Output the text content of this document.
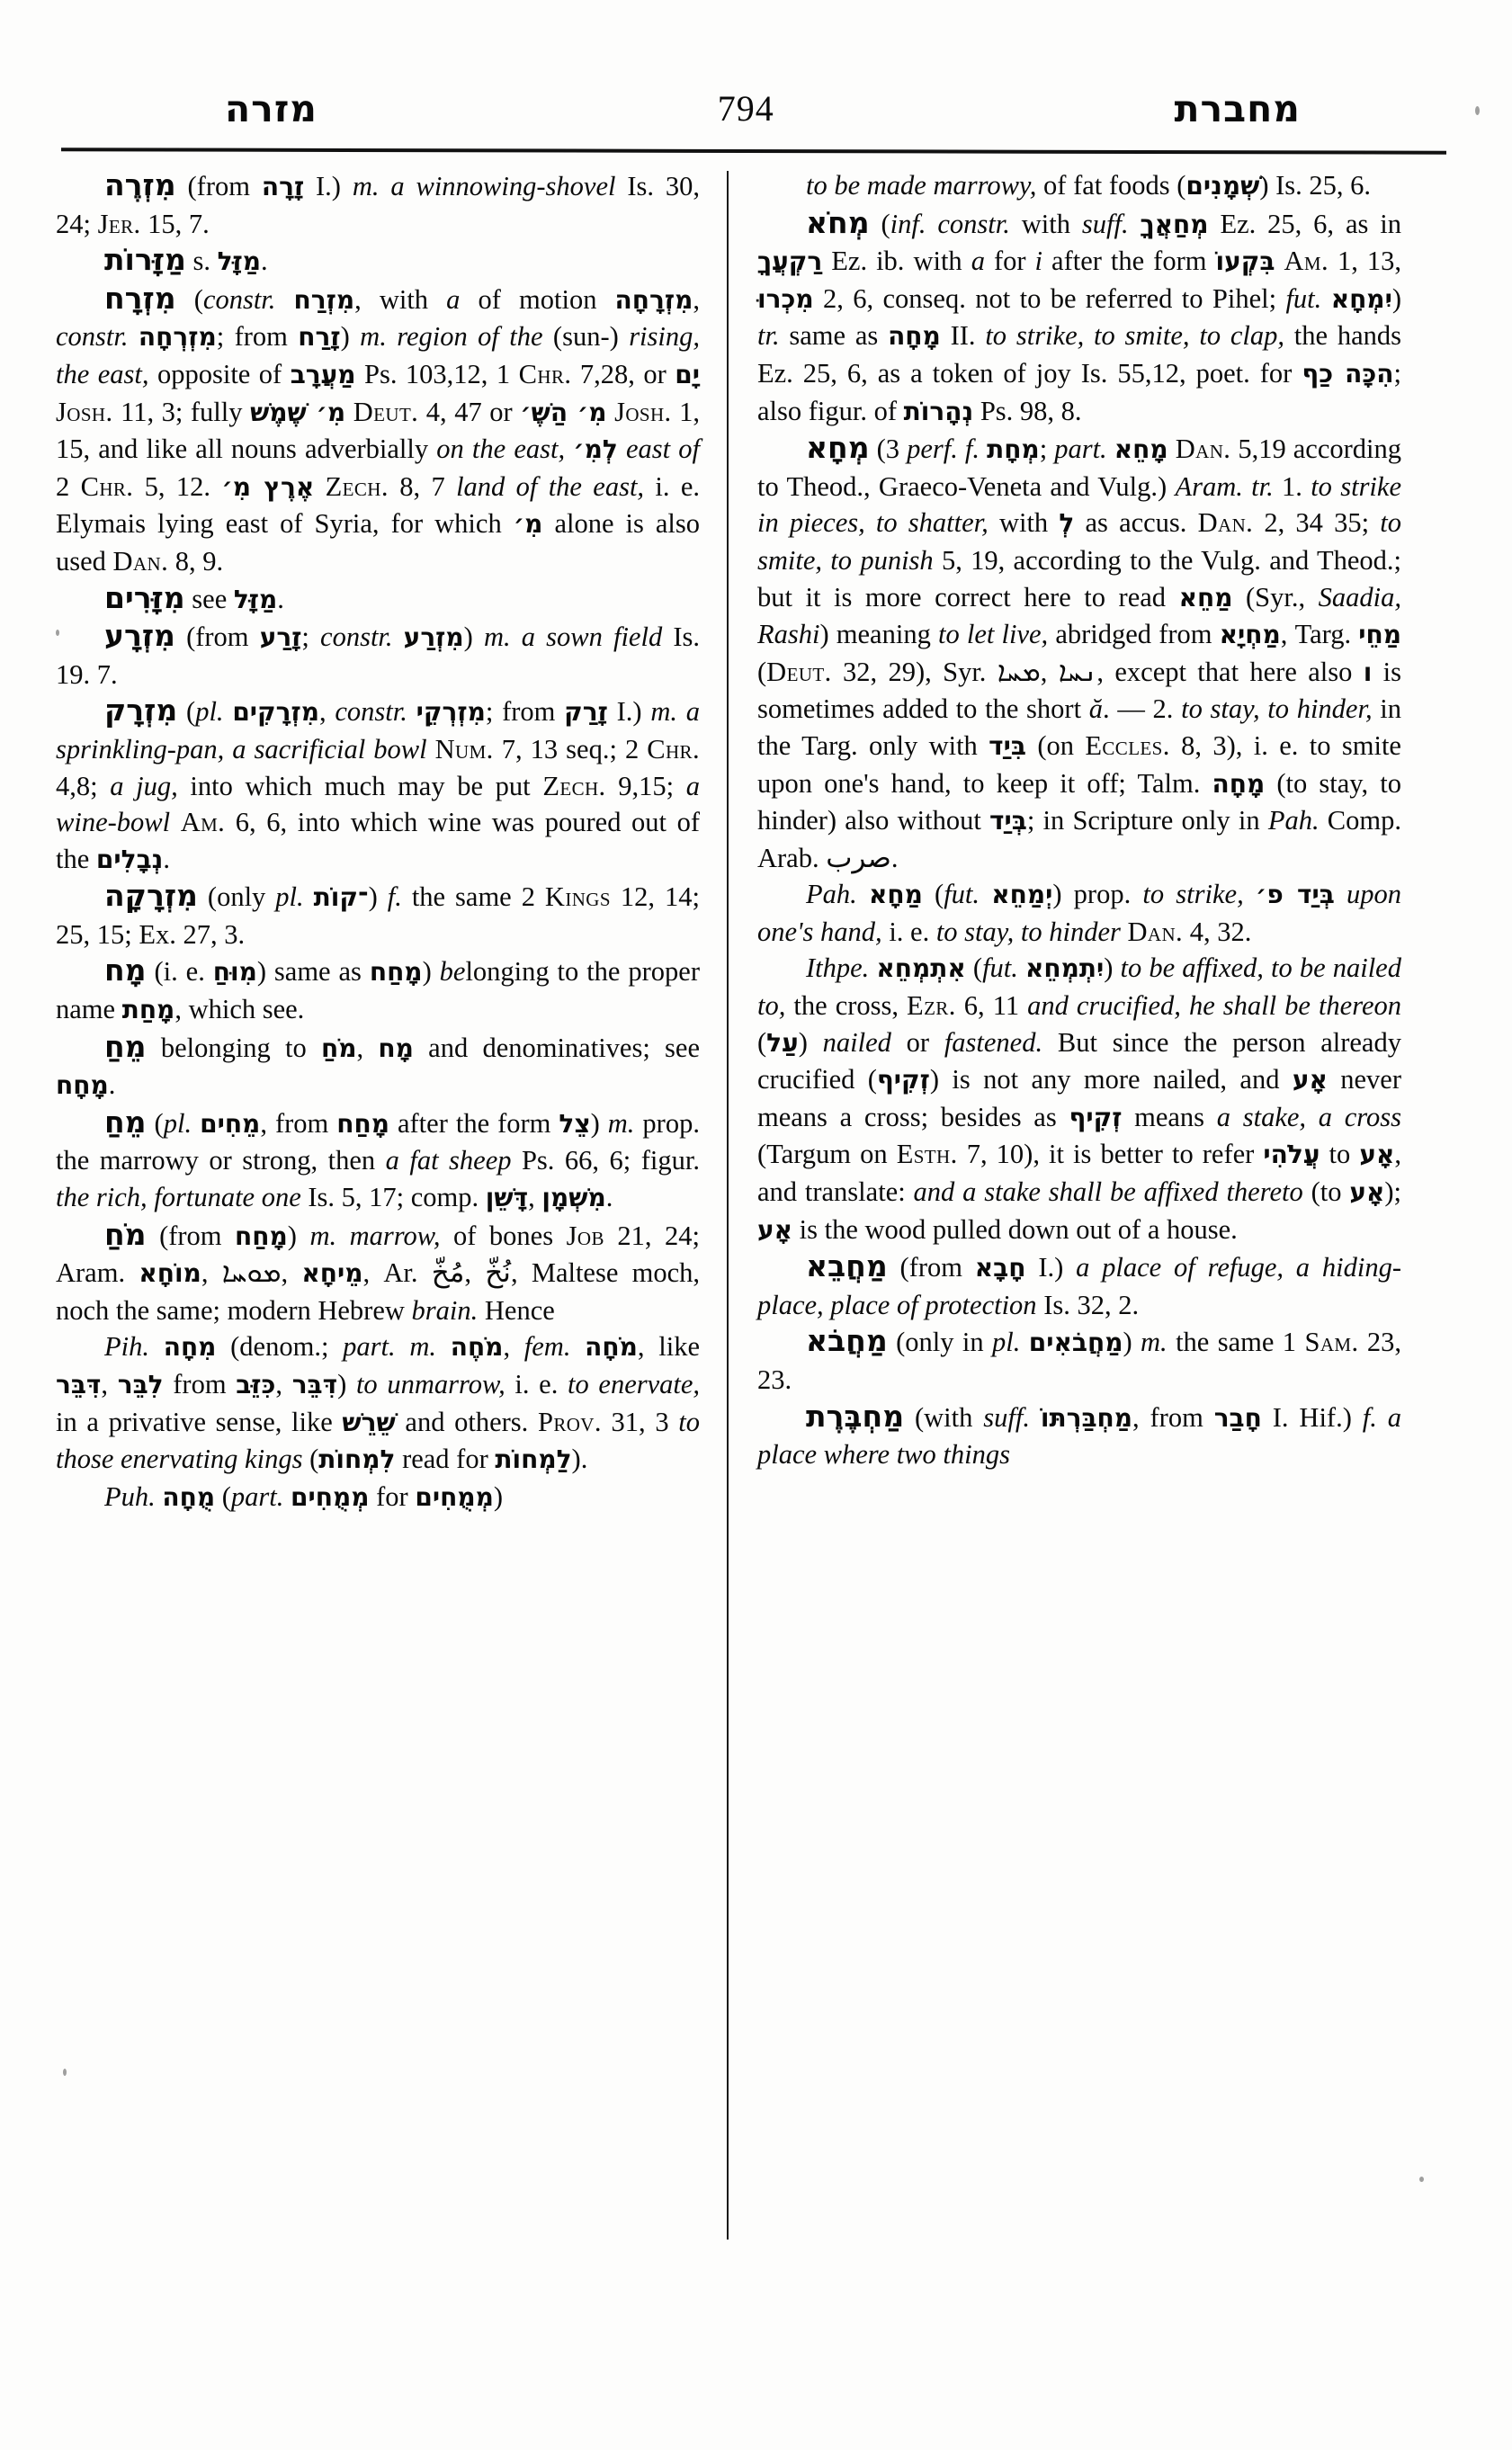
מזרה	794	מחברת

מִזְרֶה (from זָרָה I.) m. a winnowing-shovel Is. 30, 24; Jer. 15, 7.

מַזָּרוֹת s. מַזָּל.

מִזְרָח (constr. מִזְרַח, with a of motion מִזְרָחָה, constr. מִזְרְחָה; from זָרַח) m. region of the (sun-) rising, the east, opposite of מַעֲרָב Ps. 103,12, 1 Chr. 7,28, or יָם Josh. 11, 3; fully מִ׳ שֶׁמֶשׁ Deut. 4, 47 or מִ׳ הַשֶּׁ׳ Josh. 1, 15, and like all nouns adverbially on the east, לְמִ׳ east of 2 Chr. 5, 12. אֶרֶץ מִ׳ Zech. 8, 7 land of the east, i. e. Elymais lying east of Syria, for which מִ׳ alone is also used Dan. 8, 9.

מִזָּרִים see מַזָּל.

מִזְרָע (from זָרַע; constr. מִזְרַע) m. a sown field Is. 19. 7.

מִזְרָק (pl. מִזְרָקִים, constr. מִזְרְקֵי; from זָרַק I.) m. a sprinkling-pan, a sacrificial bowl Num. 7, 13 seq.; 2 Chr. 4,8; a jug, into which much may be put Zech. 9,15; a wine-bowl Am. 6, 6, into which wine was poured out of the נְבָלִים.

מִזְרָקָה (only pl. ־קוֹת) f. the same 2 Kings 12, 14; 25, 15; Ex. 27, 3.

מָח (i. e. מִוּחַ) same as מָחַח) belonging to the proper name מָחַת, which see.

מֵחַ belonging to מֹחַ, מָח and denominatives; see מָחָח.

מֵחַ (pl. מֵחִים, from מָחַח after the form צֵל) m. prop. the marrowy or strong, then a fat sheep Ps. 66, 6; figur. the rich, fortunate one Is. 5, 17; comp. דָּשֵׁן, מִשְׁמָן.

מֹחַ (from מָחַח) m. marrow, of bones Job 21, 24; Aram. מוֹחָא, ܡܘܚܐ, מֵיחָא, Ar. مُخّ, نُخّ, Maltese moch, noch the same; modern Hebrew brain. Hence

Pih. מִחָה (denom.; part. m. מֹחֶה, fem. מֹחָה, like דִּבֵּר, לִבֵּר from כִּזֵּב, דִּבֵּר) to unmarrow, i. e. to enervate, in a privative sense, like שֵׁרֵשׁ and others. Prov. 31, 3 to those enervating kings (לִמְחוֹת read for לַמְחוֹת).

Puh. מֻחָה (part. מְמֻחִים for מְמֻחִים)

to be made marrowy, of fat foods (שְׁמָנִים) Is. 25, 6.

מְחֹא (inf. constr. with suff. מְחַאֲךָ Ez. 25, 6, as in רַקְעֲךָ Ez. ib. with a for i after the form בִּקְעוֹ Am. 1, 13, מִכְרוּ 2, 6, conseq. not to be referred to Pihel; fut. יִמְחָא) tr. same as מָחָה II. to strike, to smite, to clap, the hands Ez. 25, 6, as a token of joy Is. 55,12, poet. for הִכָּה כַף; also figur. of נְהָרוֹת Ps. 98, 8.

מְחָא (3 perf. f. מְחָת; part. מָחֵא Dan. 5,19 according to Theod., Graeco-Veneta and Vulg.) Aram. tr. 1. to strike in pieces, to shatter, with לְ as accus. Dan. 2, 34 35; to smite, to punish 5, 19, according to the Vulg. and Theod.; but it is more correct here to read מַחֵא (Syr., Saadia, Rashi) meaning to let live, abridged from מַחְיָא, Targ. מַחֵי (Deut. 32, 29), Syr. ܡܚܐ, ܢܚܐ, except that here also ו is sometimes added to the short ă. — 2. to stay, to hinder, in the Targ. only with בִּיַד (on Eccles. 8, 3), i. e. to smite upon one's hand, to keep it off; Talm. מָחָה (to stay, to hinder) also without בְּיַד; in Scripture only in Pah. Comp. Arab. صرب.

Pah. מַחָא (fut. יְמַחֵא) prop. to strike, בְּיַד פ׳ upon one's hand, i. e. to stay, to hinder Dan. 4, 32.

Ithpe. אִתְמְחֵא (fut. יִתְמְחֵא) to be affixed, to be nailed to, the cross, Ezr. 6, 11 and crucified, he shall be thereon (עַל) nailed or fastened. But since the person already crucified (זְקִיף) is not any more nailed, and אָע never means a cross; besides as זְקִיף means a stake, a cross (Targum on Esth. 7, 10), it is better to refer עֲלֹהִי to אָע, and translate: and a stake shall be affixed thereto (to אָע); אָע is the wood pulled down out of a house.

מַחֲבֵא (from חָבָא I.) a place of refuge, a hiding-place, place of protection Is. 32, 2.

מַחֲבֹא (only in pl. מַחֲבֹאִים) m. the same 1 Sam. 23, 23.

מַחְבֶּרֶת (with suff. מַחְבַּרְתּוֹ, from חָבַר I. Hif.) f. a place where two things
